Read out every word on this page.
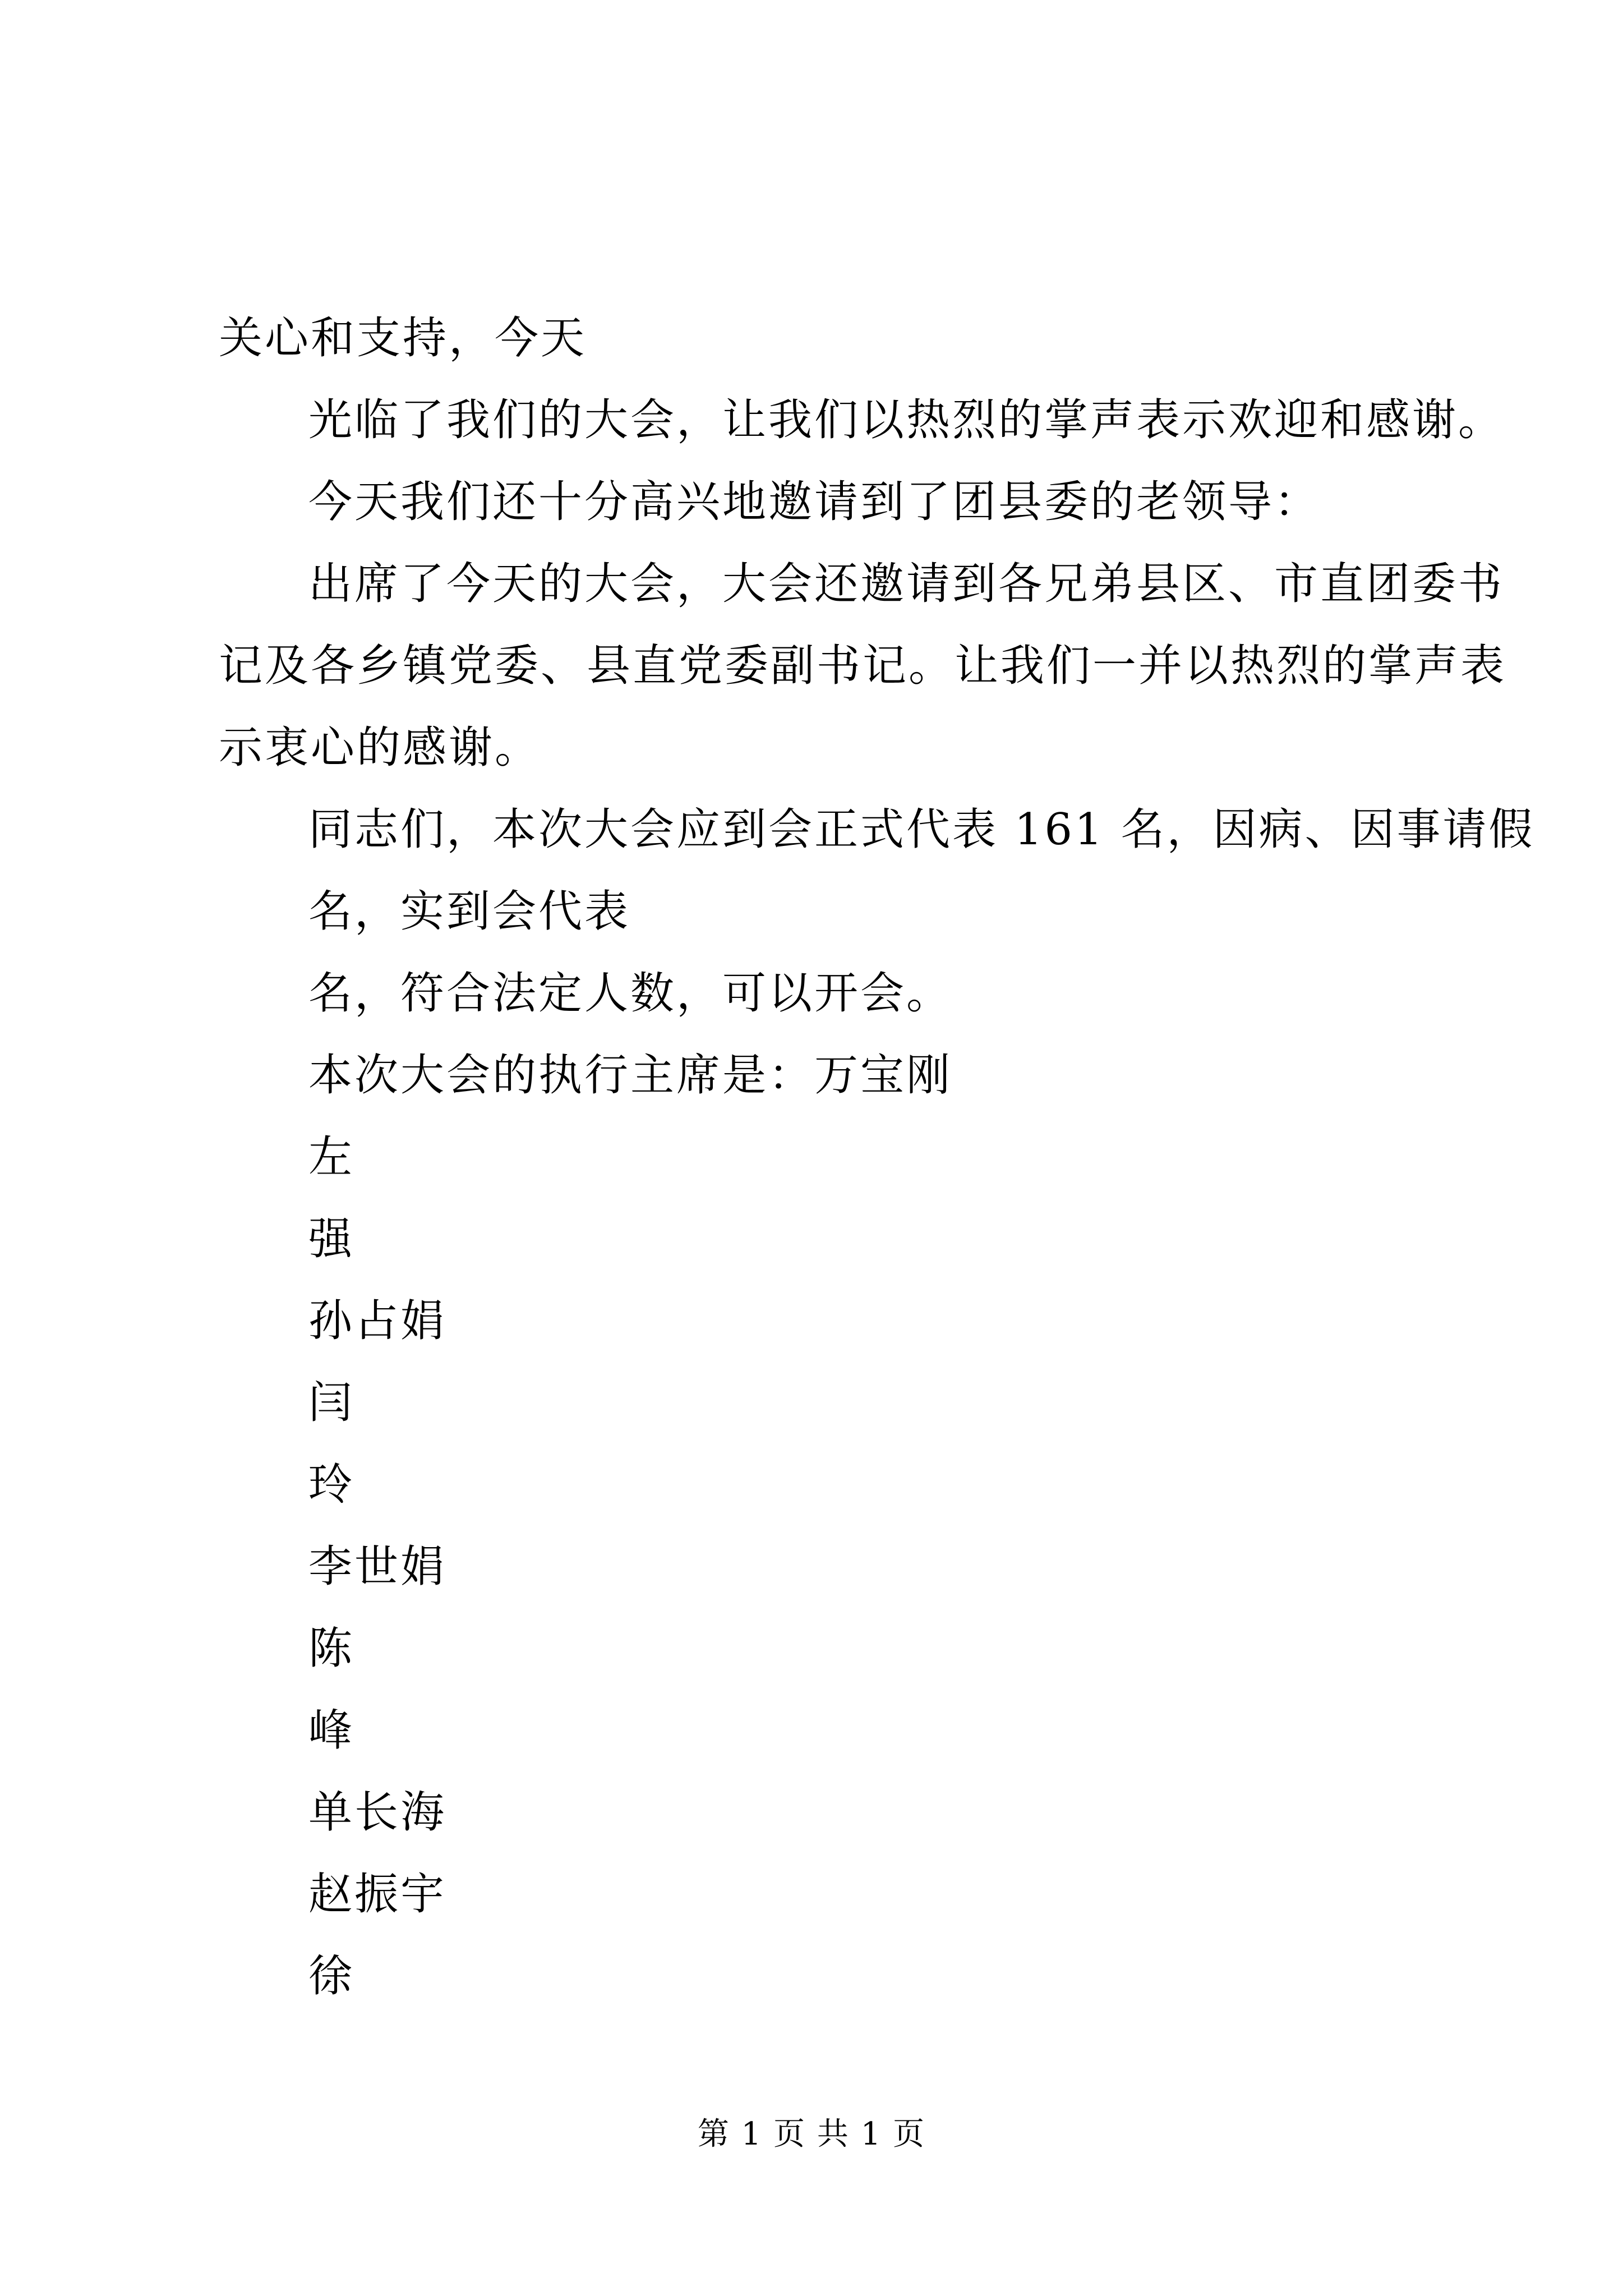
关心和支持，今天
光临了我们的大会，让我们以热烈的掌声表示欢迎和感谢。
今天我们还十分高兴地邀请到了团县委的老领导：
出席了今天的大会，大会还邀请到各兄弟县区、市直团委书
记及各乡镇党委、县直党委副书记。让我们一并以热烈的掌声表
示衷心的感谢。
同志们，本次大会应到会正式代表 161 名，因病、因事请假
名，实到会代表
名，符合法定人数，可以开会。
本次大会的执行主席是：万宝刚
左
强
孙占娟
闫
玲
李世娟
陈
峰
单长海
赵振宇
徐
第 1 页 共 1 页
